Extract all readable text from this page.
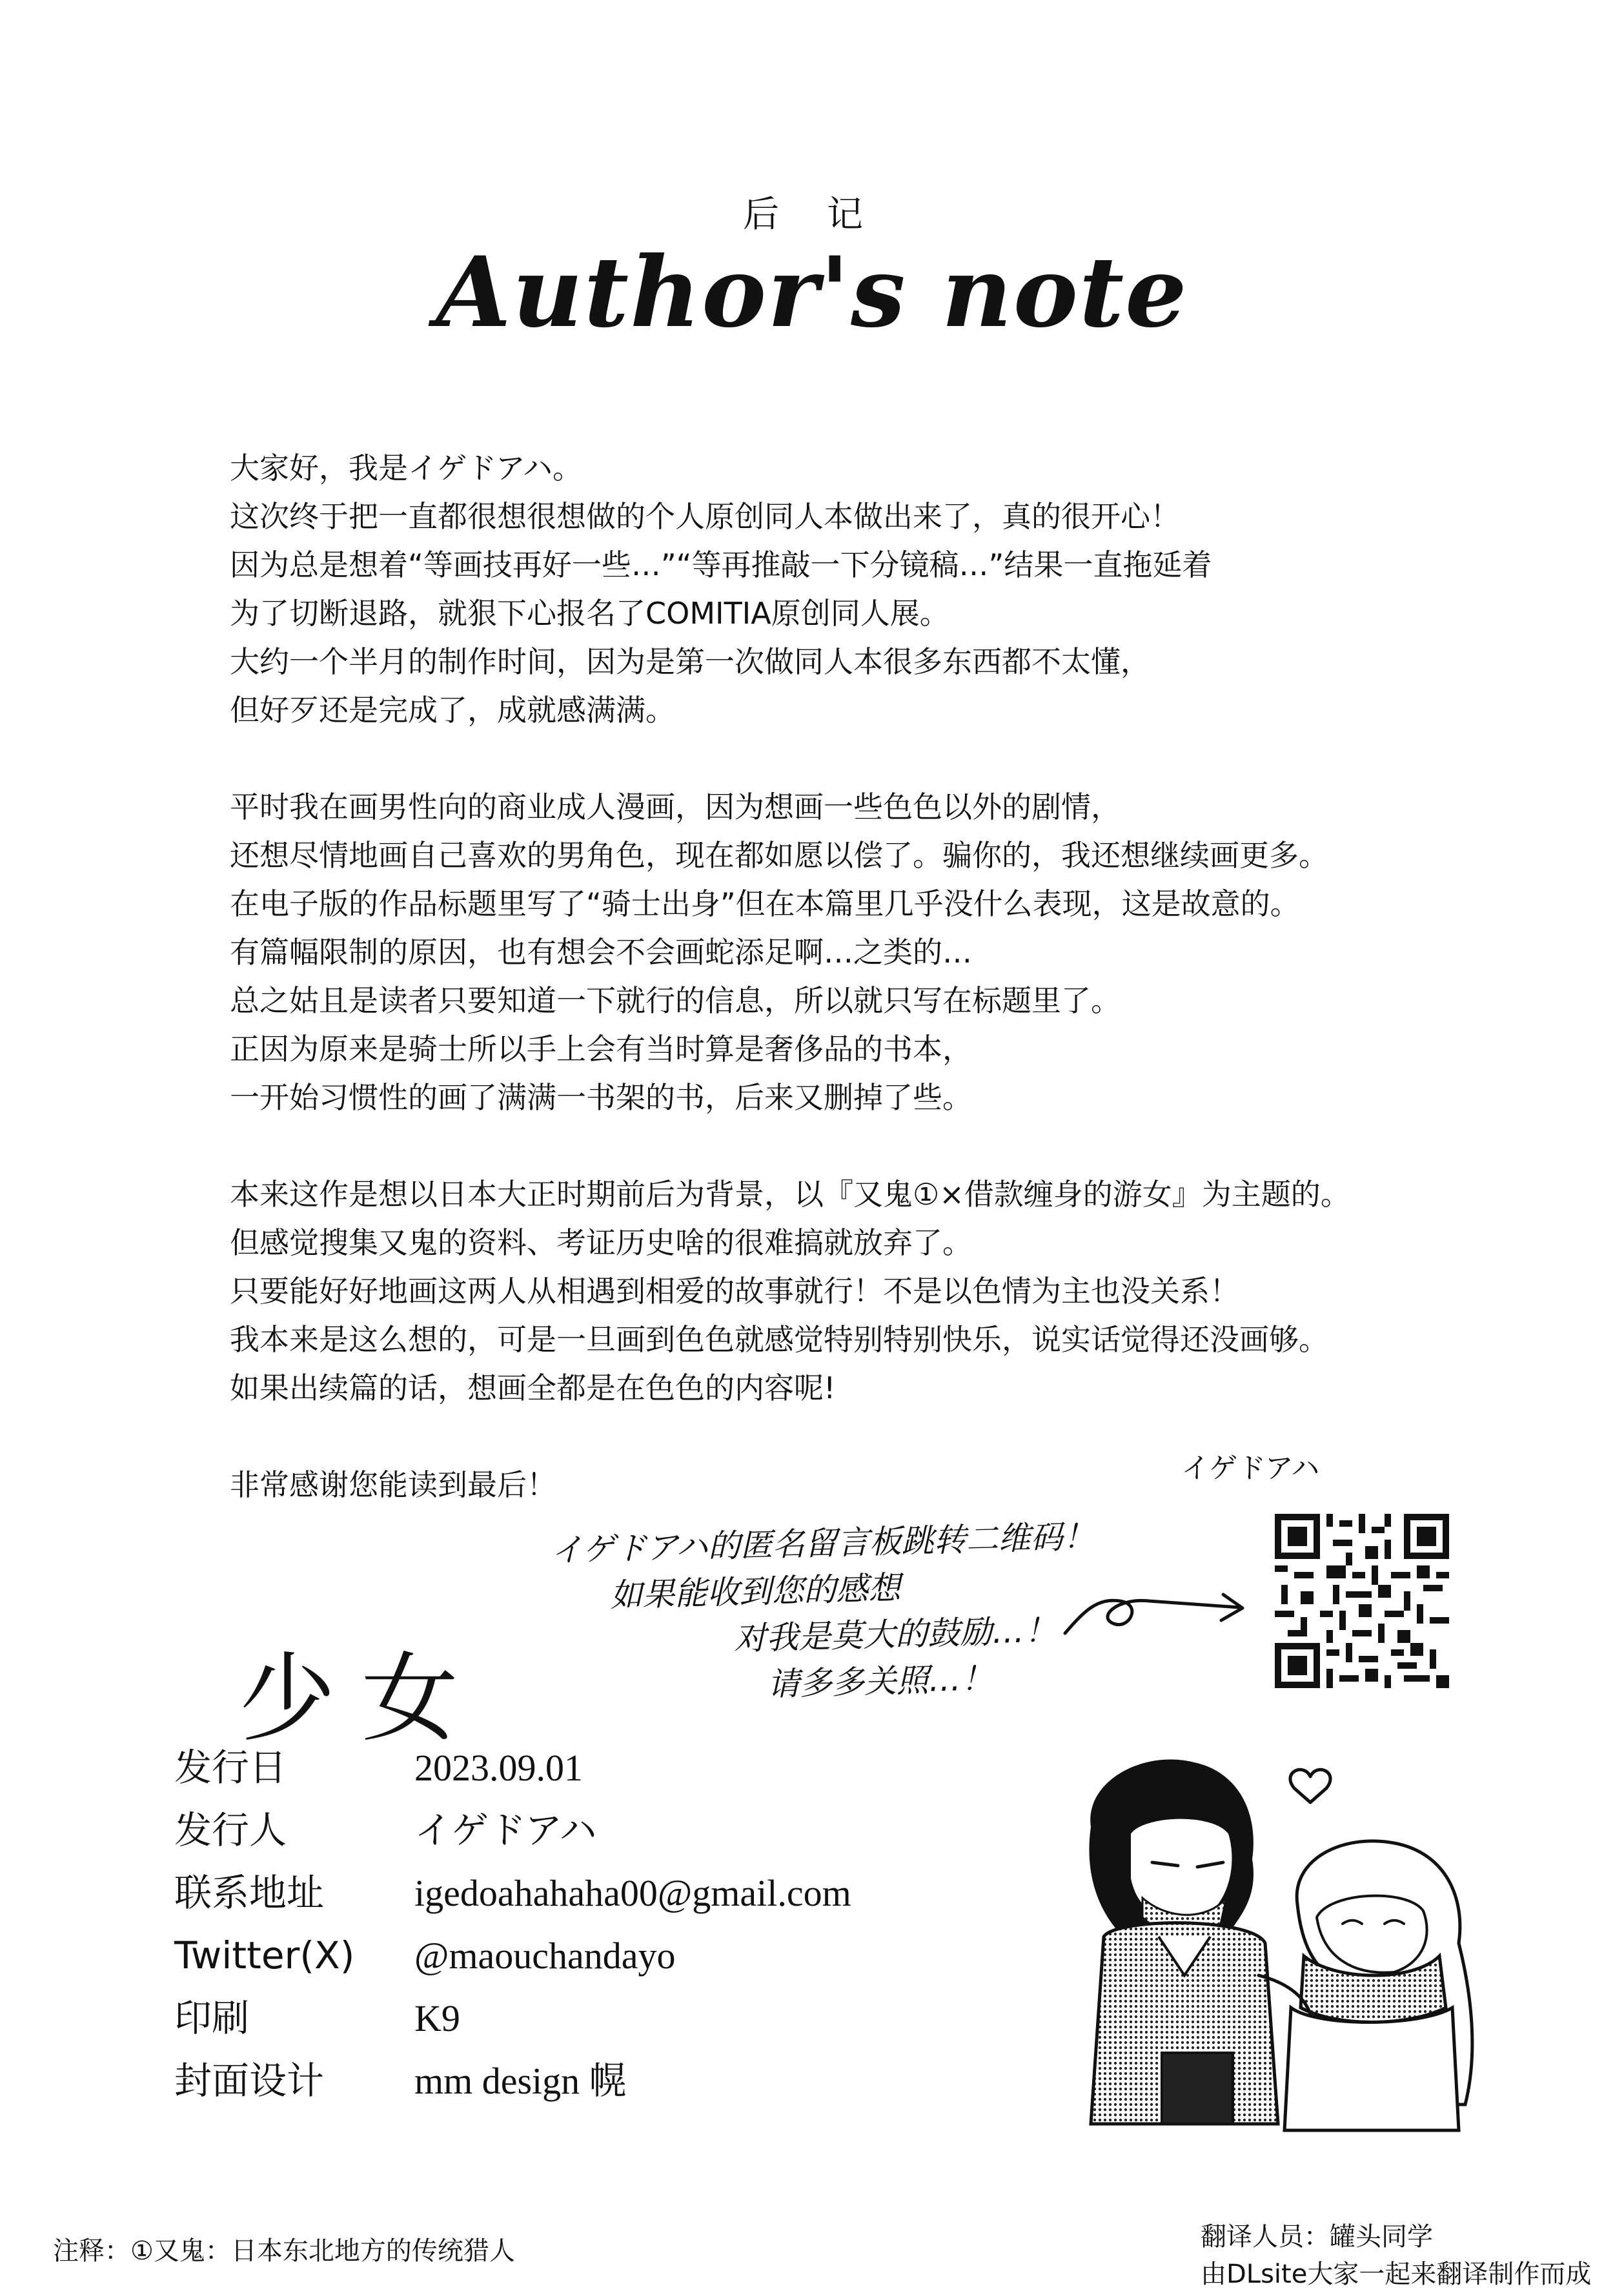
后 记
Author's note
大家好，我是イゲドアハ。
这次终于把一直都很想很想做的个人原创同人本做出来了，真的很开心！
因为总是想着“等画技再好一些…”“等再推敲一下分镜稿…”结果一直拖延着
为了切断退路，就狠下心报名了COMITIA原创同人展。
大约一个半月的制作时间，因为是第一次做同人本很多东西都不太懂，
但好歹还是完成了，成就感满满。
平时我在画男性向的商业成人漫画，因为想画一些色色以外的剧情，
还想尽情地画自己喜欢的男角色，现在都如愿以偿了。骗你的，我还想继续画更多。
在电子版的作品标题里写了“骑士出身”但在本篇里几乎没什么表现，这是故意的。
有篇幅限制的原因，也有想会不会画蛇添足啊…之类的…
总之姑且是读者只要知道一下就行的信息，所以就只写在标题里了。
正因为原来是骑士所以手上会有当时算是奢侈品的书本，
一开始习惯性的画了满满一书架的书，后来又删掉了些。
本来这作是想以日本大正时期前后为背景，以『又鬼①×借款缠身的游女』为主题的。
但感觉搜集又鬼的资料、考证历史啥的很难搞就放弃了。
只要能好好地画这两人从相遇到相爱的故事就行！不是以色情为主也没关系！
我本来是这么想的，可是一旦画到色色就感觉特别特别快乐，说实话觉得还没画够。
如果出续篇的话，想画全都是在色色的内容呢!
非常感谢您能读到最后！	イゲドアハ
イゲドアハ的匿名留言板跳转二维码！
如果能收到您的感想
对我是莫大的鼓励…！
请多多关照…！
少女
发行日	2023.09.01
发行人	イゲドアハ
联系地址 igedoahahaha00@gmail.com
Twitter(X) @maouchandayo
印刷	K9
封面设计 mm design 幌
注释：①又鬼：日本东北地方的传统猎人	翻译人员：罐头同学
由DLsite大家一起来翻译制作而成
